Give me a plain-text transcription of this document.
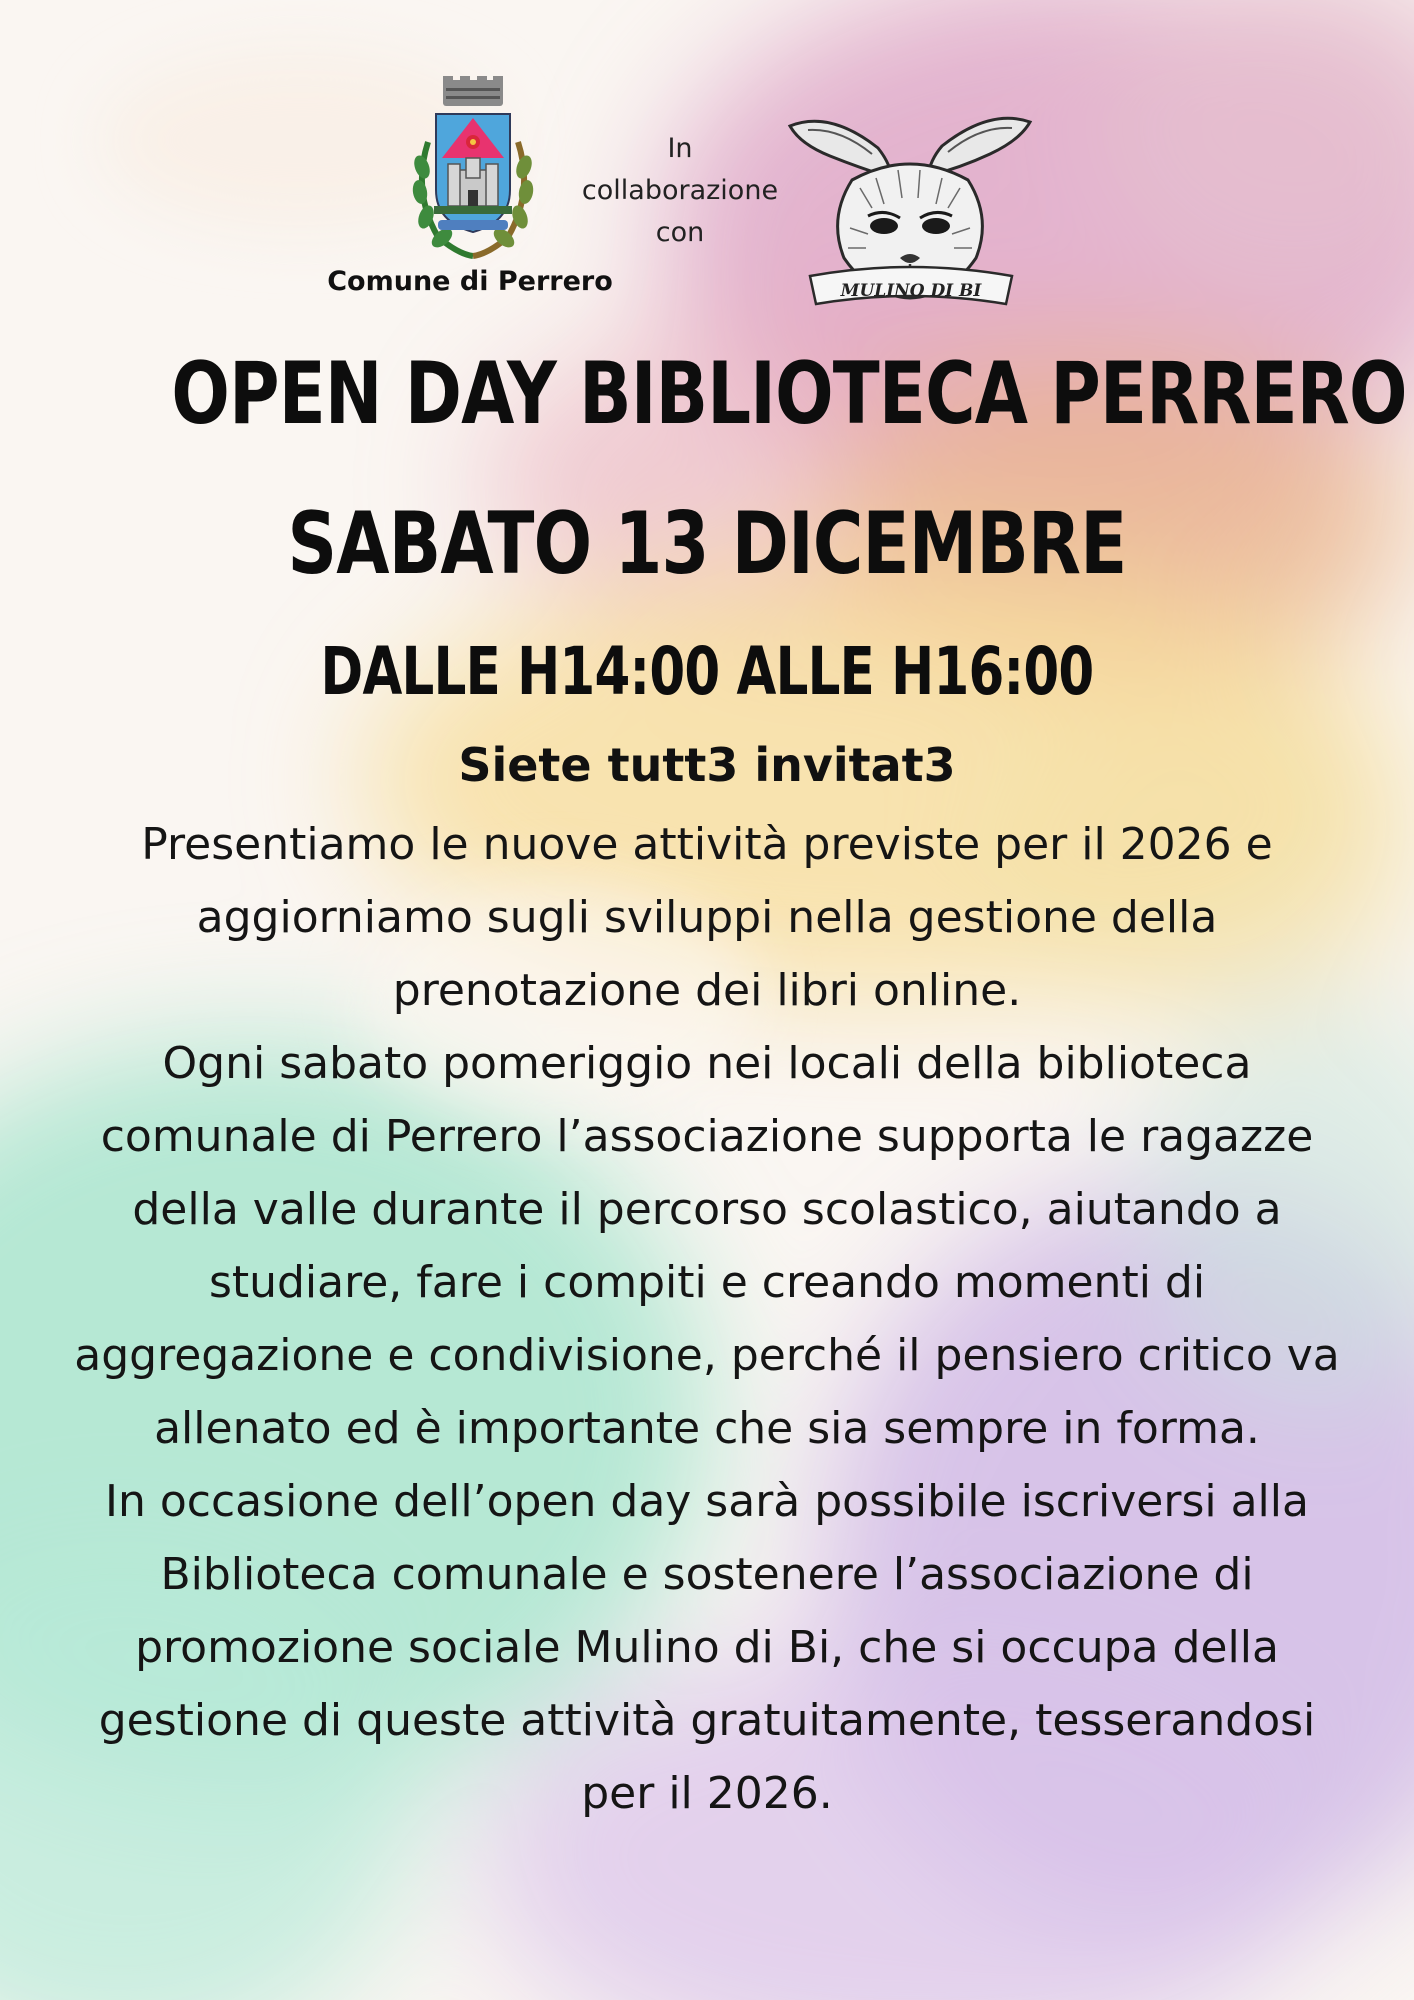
Comune di Perrero
In
collaborazione
con
MULINO DI BI
OPEN DAY BIBLIOTECA PERRERO
SABATO 13 DICEMBRE
DALLE H14:00 ALLE H16:00
Siete tutt3 invitat3

Presentiamo le nuove attività previste per il 2026 e aggiorniamo sugli sviluppi nella gestione della prenotazione dei libri online.

Ogni sabato pomeriggio nei locali della biblioteca comunale di Perrero l’associazione supporta le ragazze della valle durante il percorso scolastico, aiutando a studiare, fare i compiti e creando momenti di aggregazione e condivisione, perché il pensiero critico va allenato ed è importante che sia sempre in forma.

In occasione dell’open day sarà possibile iscriversi alla Biblioteca comunale e sostenere l’associazione di promozione sociale Mulino di Bi, che si occupa della gestione di queste attività gratuitamente, tesserandosi per il 2026.
